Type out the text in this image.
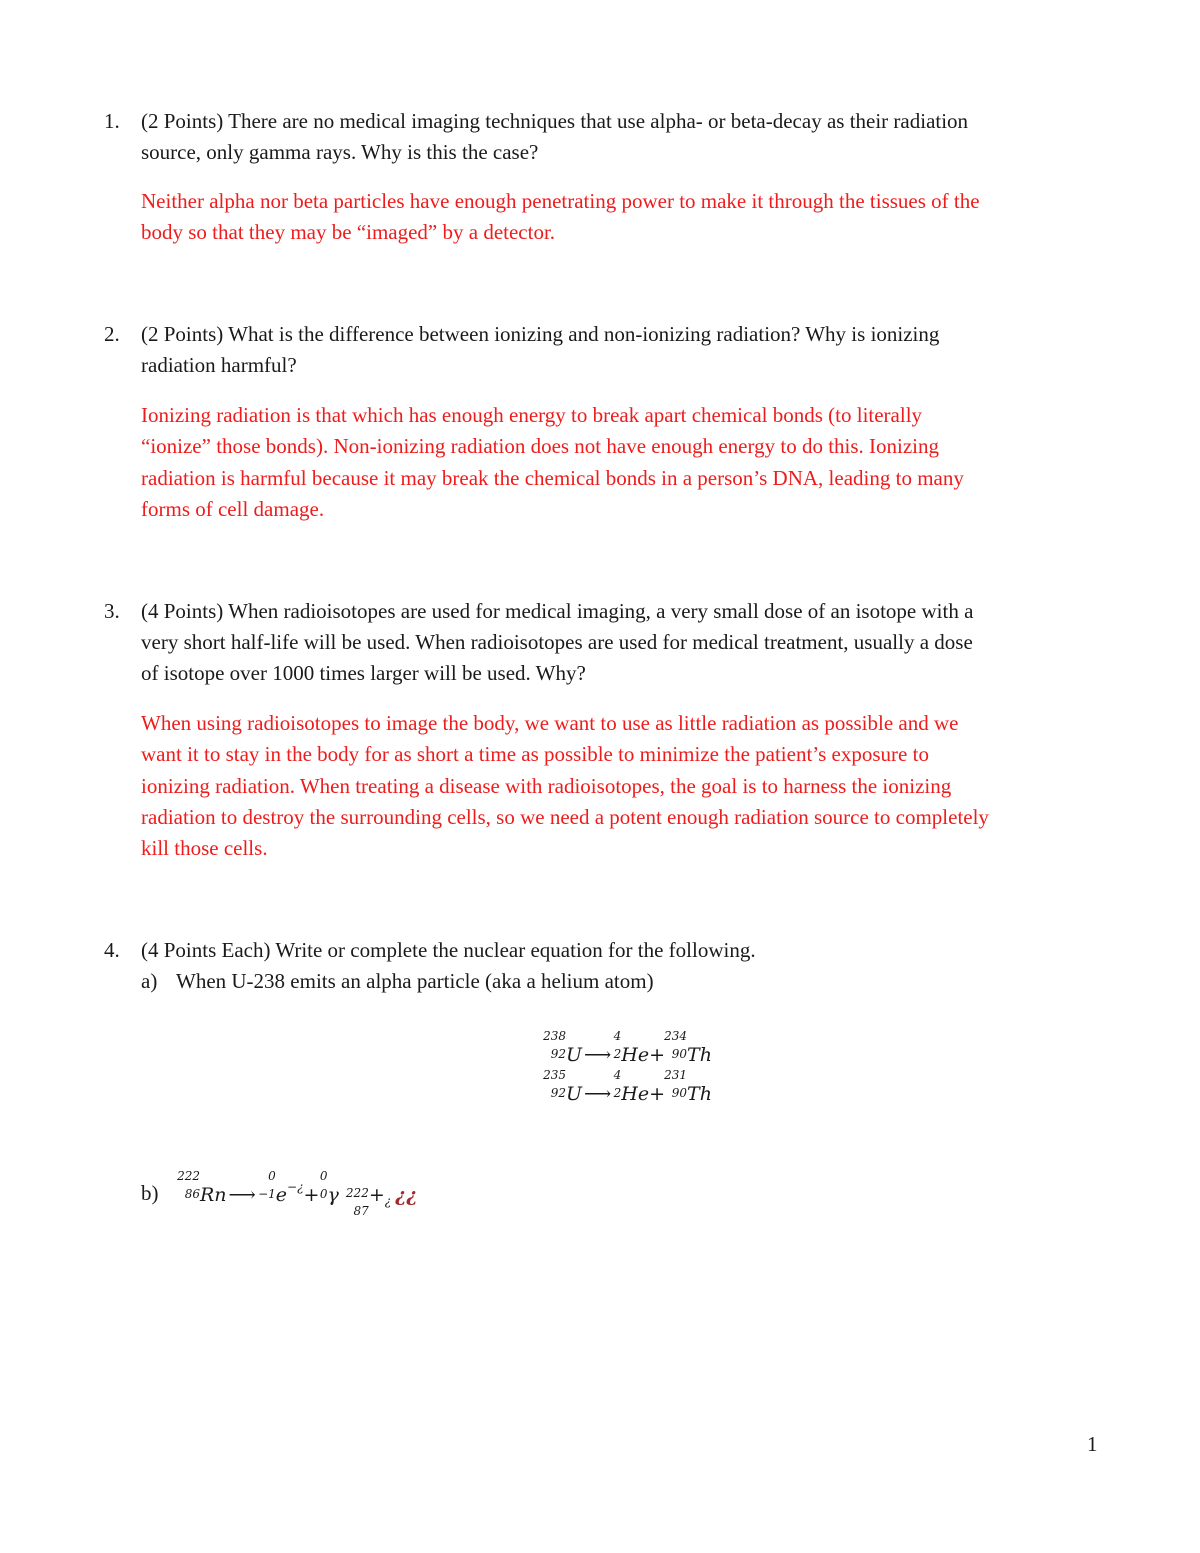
1. (2 Points) There are no medical imaging techniques that use alpha- or beta-decay as their radiation
source, only gamma rays. Why is this the case?
Neither alpha nor beta particles have enough penetrating power to make it through the tissues of the
body so that they may be “imaged” by a detector.
2. (2 Points) What is the difference between ionizing and non-ionizing radiation? Why is ionizing
radiation harmful?
Ionizing radiation is that which has enough energy to break apart chemical bonds (to literally
“ionize” those bonds). Non-ionizing radiation does not have enough energy to do this. Ionizing
radiation is harmful because it may break the chemical bonds in a person’s DNA, leading to many
forms of cell damage.
3. (4 Points) When radioisotopes are used for medical imaging, a very small dose of an isotope with a
very short half-life will be used. When radioisotopes are used for medical treatment, usually a dose
of isotope over 1000 times larger will be used. Why?
When using radioisotopes to image the body, we want to use as little radiation as possible and we
want it to stay in the body for as short a time as possible to minimize the patient’s exposure to
ionizing radiation. When treating a disease with radioisotopes, the goal is to harness the ionizing
radiation to destroy the surrounding cells, so we need a potent enough radiation source to completely
kill those cells.
4. (4 Points Each) Write or complete the nuclear equation for the following.
a) When U-238 emits an alpha particle (aka a helium atom)
238
92 U ⟶
4
2 He+
234
90 Th
235
92 U ⟶
4
2 He+
231
90 Th
b)
222
86 Rn ⟶
0
−1 e−¿+
0
0 γ 222
87
$+_¿$ ¿¿
1
